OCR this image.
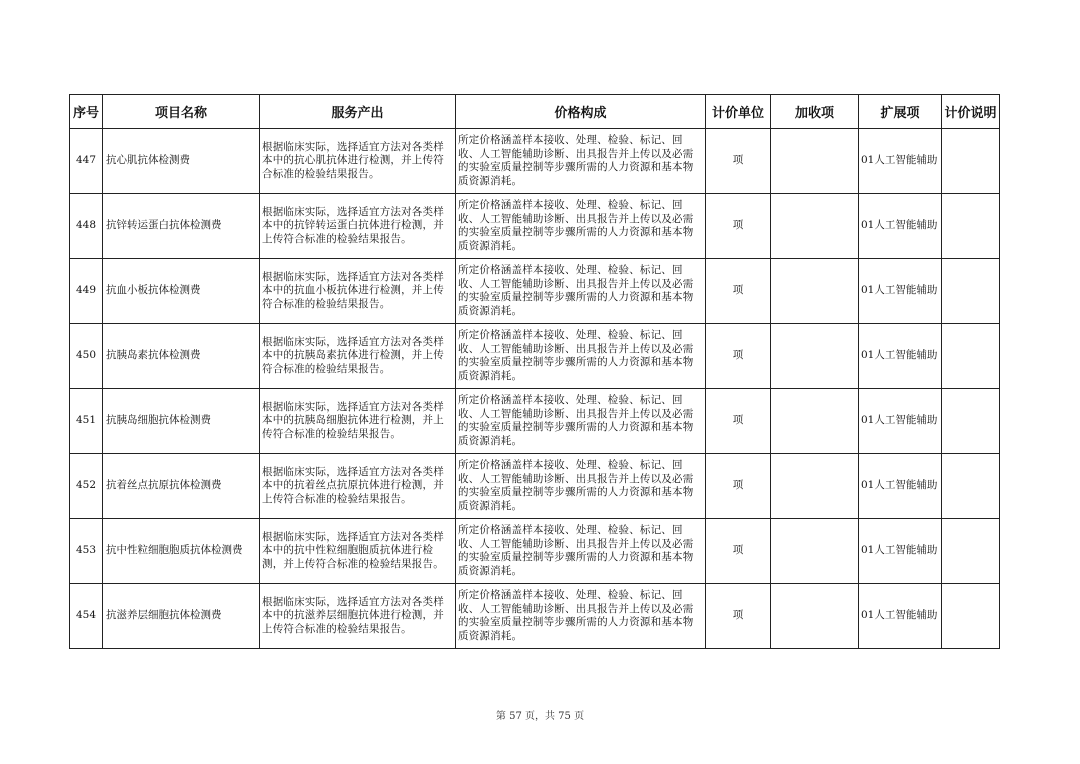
序号	项目名称	服务产出	价格构成	计价单位	加收项	扩展项	计价说明
447	抗心肌抗体检测费	根据临床实际，选择适宜方法对各类样本中的抗心肌抗体进行检测，并上传符合标准的检验结果报告。	所定价格涵盖样本接收、处理、检验、标记、回收、人工智能辅助诊断、出具报告并上传以及必需的实验室质量控制等步骤所需的人力资源和基本物质资源消耗。	项		01人工智能辅助	
448	抗锌转运蛋白抗体检测费	根据临床实际，选择适宜方法对各类样本中的抗锌转运蛋白抗体进行检测，并上传符合标准的检验结果报告。	所定价格涵盖样本接收、处理、检验、标记、回收、人工智能辅助诊断、出具报告并上传以及必需的实验室质量控制等步骤所需的人力资源和基本物质资源消耗。	项		01人工智能辅助	
449	抗血小板抗体检测费	根据临床实际，选择适宜方法对各类样本中的抗血小板抗体进行检测，并上传符合标准的检验结果报告。	所定价格涵盖样本接收、处理、检验、标记、回收、人工智能辅助诊断、出具报告并上传以及必需的实验室质量控制等步骤所需的人力资源和基本物质资源消耗。	项		01人工智能辅助	
450	抗胰岛素抗体检测费	根据临床实际，选择适宜方法对各类样本中的抗胰岛素抗体进行检测，并上传符合标准的检验结果报告。	所定价格涵盖样本接收、处理、检验、标记、回收、人工智能辅助诊断、出具报告并上传以及必需的实验室质量控制等步骤所需的人力资源和基本物质资源消耗。	项		01人工智能辅助	
451	抗胰岛细胞抗体检测费	根据临床实际，选择适宜方法对各类样本中的抗胰岛细胞抗体进行检测，并上传符合标准的检验结果报告。	所定价格涵盖样本接收、处理、检验、标记、回收、人工智能辅助诊断、出具报告并上传以及必需的实验室质量控制等步骤所需的人力资源和基本物质资源消耗。	项		01人工智能辅助	
452	抗着丝点抗原抗体检测费	根据临床实际，选择适宜方法对各类样本中的抗着丝点抗原抗体进行检测，并上传符合标准的检验结果报告。	所定价格涵盖样本接收、处理、检验、标记、回收、人工智能辅助诊断、出具报告并上传以及必需的实验室质量控制等步骤所需的人力资源和基本物质资源消耗。	项		01人工智能辅助	
453	抗中性粒细胞胞质抗体检测费	根据临床实际，选择适宜方法对各类样本中的抗中性粒细胞胞质抗体进行检测，并上传符合标准的检验结果报告。	所定价格涵盖样本接收、处理、检验、标记、回收、人工智能辅助诊断、出具报告并上传以及必需的实验室质量控制等步骤所需的人力资源和基本物质资源消耗。	项		01人工智能辅助	
454	抗滋养层细胞抗体检测费	根据临床实际，选择适宜方法对各类样本中的抗滋养层细胞抗体进行检测，并上传符合标准的检验结果报告。	所定价格涵盖样本接收、处理、检验、标记、回收、人工智能辅助诊断、出具报告并上传以及必需的实验室质量控制等步骤所需的人力资源和基本物质资源消耗。	项		01人工智能辅助	
第 57 页，共 75 页
